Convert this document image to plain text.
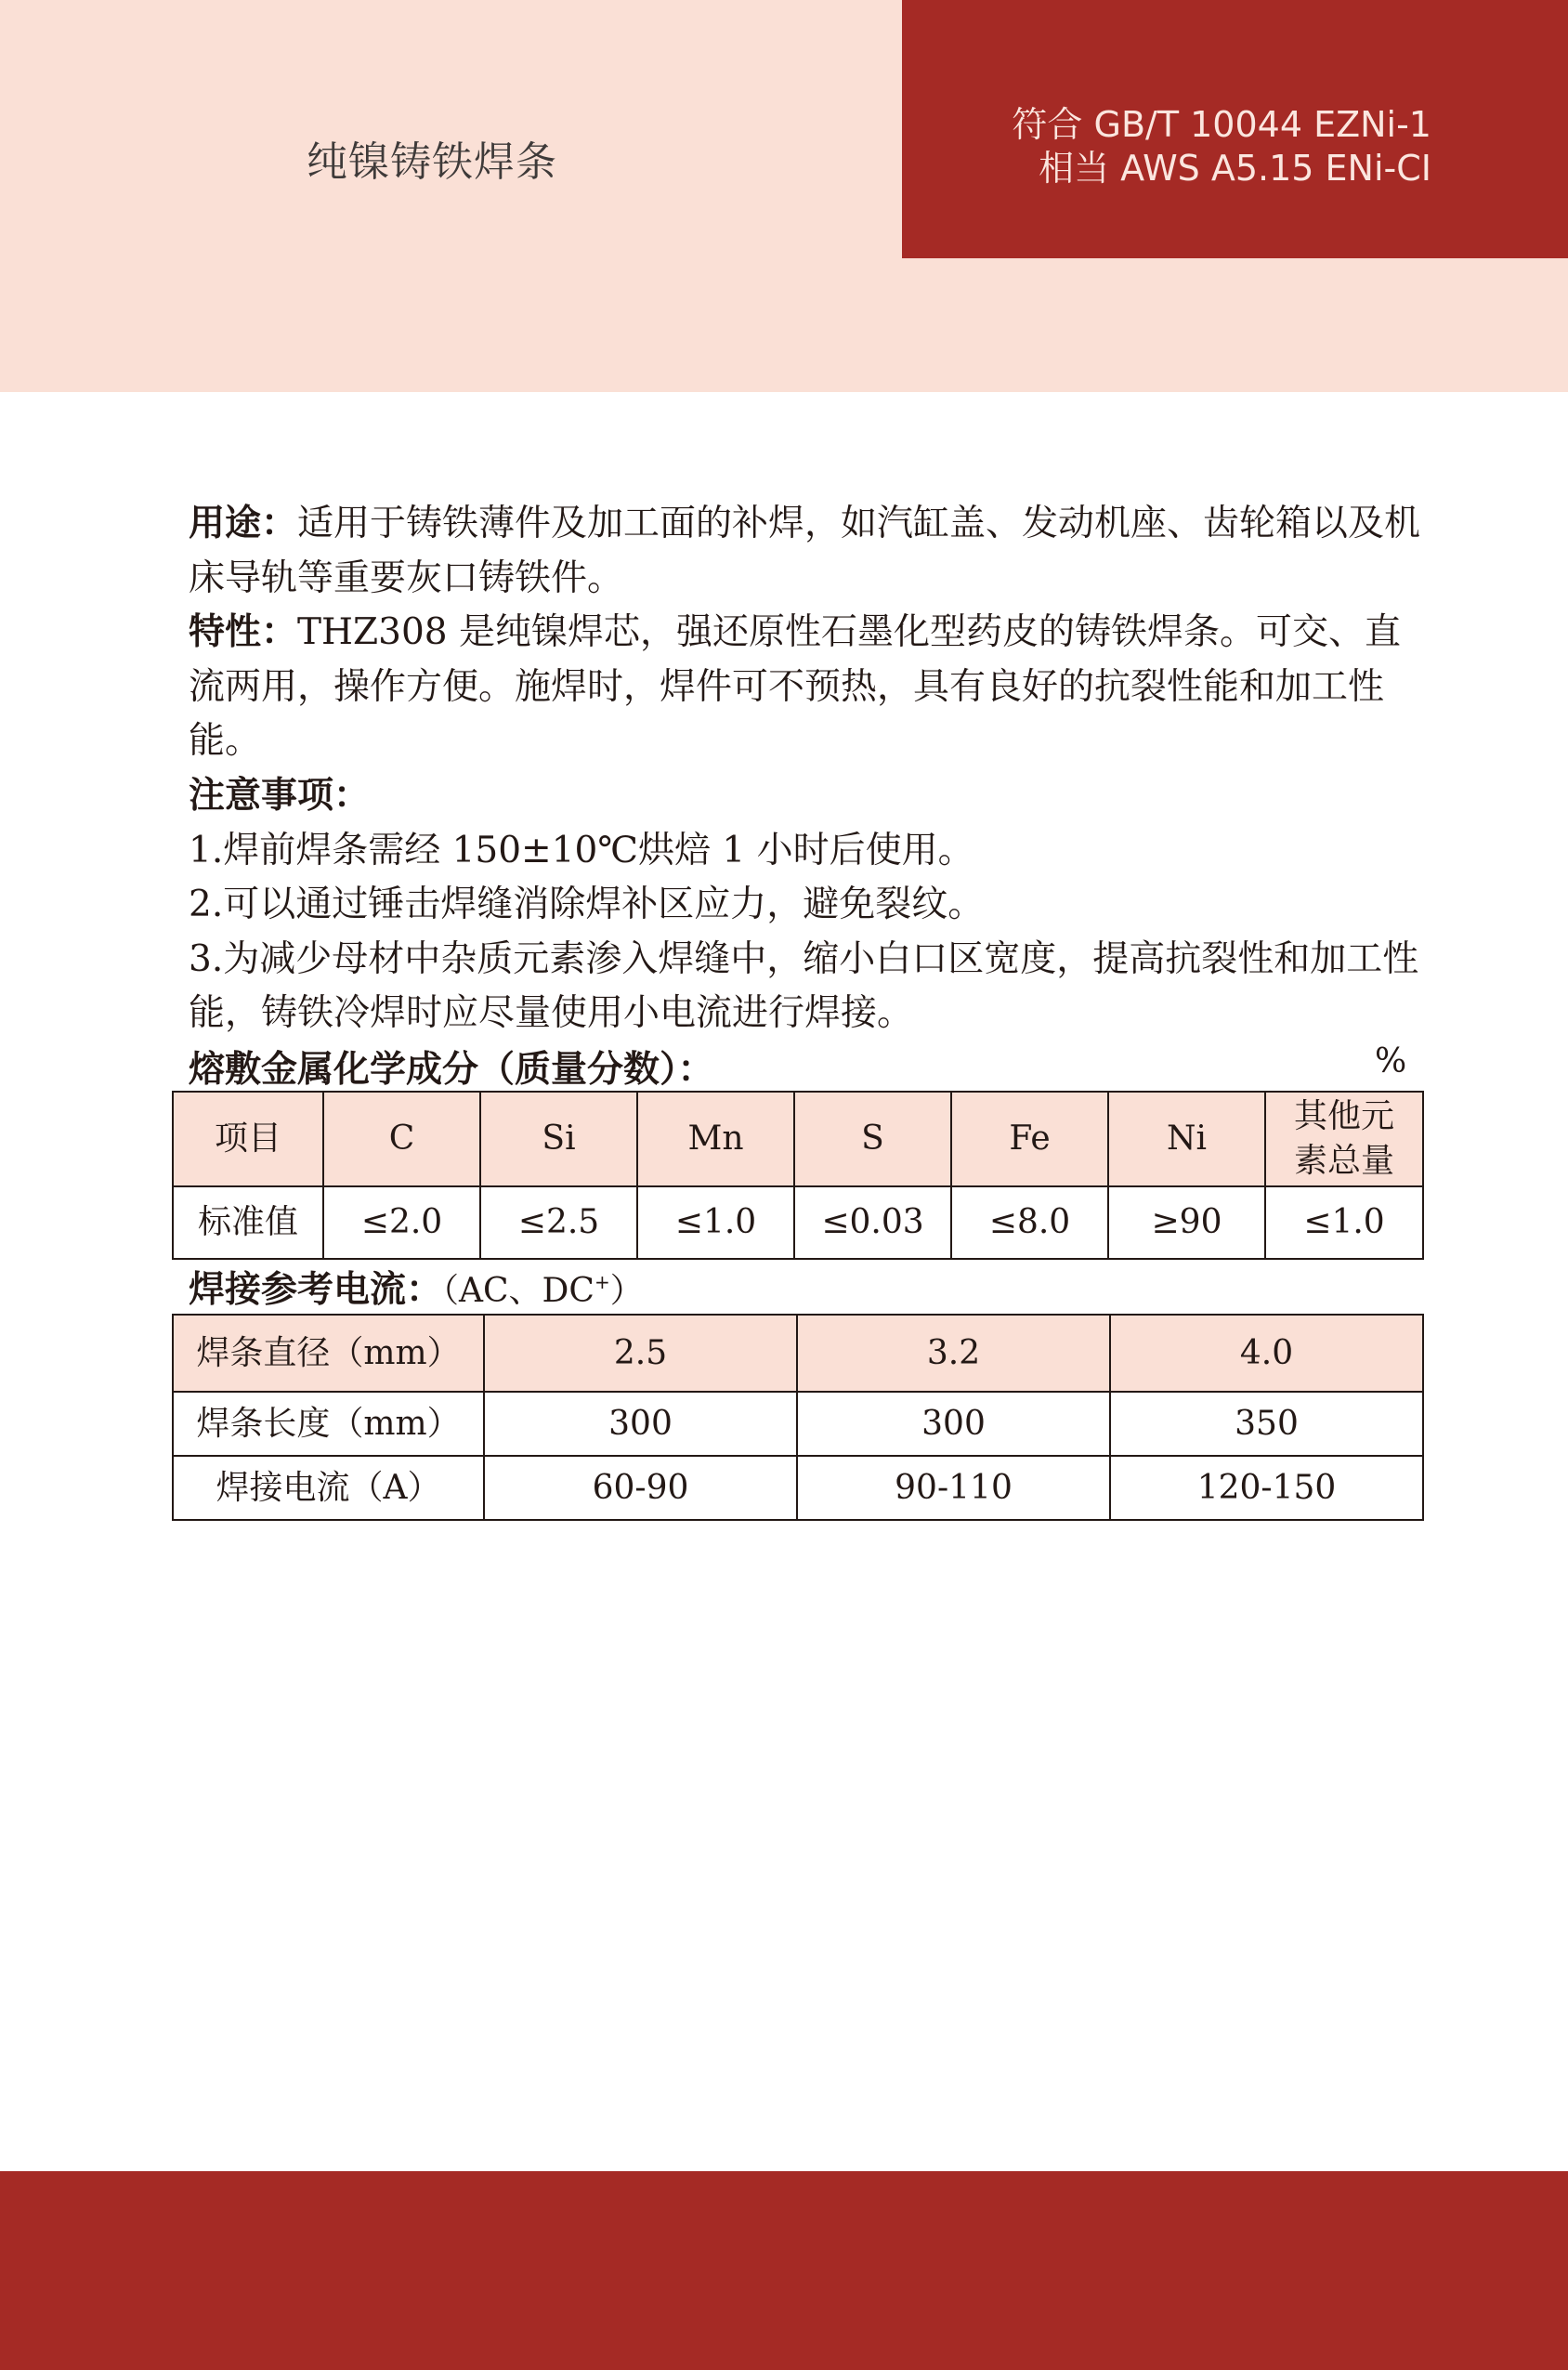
纯镍铸铁焊条
符合 GB/T 10044 EZNi-1
相当 AWS A5.15 ENi-CI

用途：适用于铸铁薄件及加工面的补焊，如汽缸盖、发动机座、齿轮箱以及机床导轨等重要灰口铸铁件。

特性：THZ308 是纯镍焊芯，强还原性石墨化型药皮的铸铁焊条。可交、直流两用，操作方便。施焊时，焊件可不预热，具有良好的抗裂性能和加工性能。

注意事项：

1.焊前焊条需经 150±10℃烘焙 1 小时后使用。

2.可以通过锤击焊缝消除焊补区应力，避免裂纹。

3.为减少母材中杂质元素渗入焊缝中，缩小白口区宽度，提高抗裂性和加工性能，铸铁冷焊时应尽量使用小电流进行焊接。

熔敷金属化学成分（质量分数）：	%
项目	C	Si	Mn	S	Fe	Ni	其他元素总量
标准值	≤2.0	≤2.5	≤1.0	≤0.03	≤8.0	≥90	≤1.0
焊接参考电流：（AC、DC+）
焊条直径（mm）	2.5	3.2	4.0
焊条长度（mm）	300	300	350
焊接电流（A）	60-90	90-110	120-150
